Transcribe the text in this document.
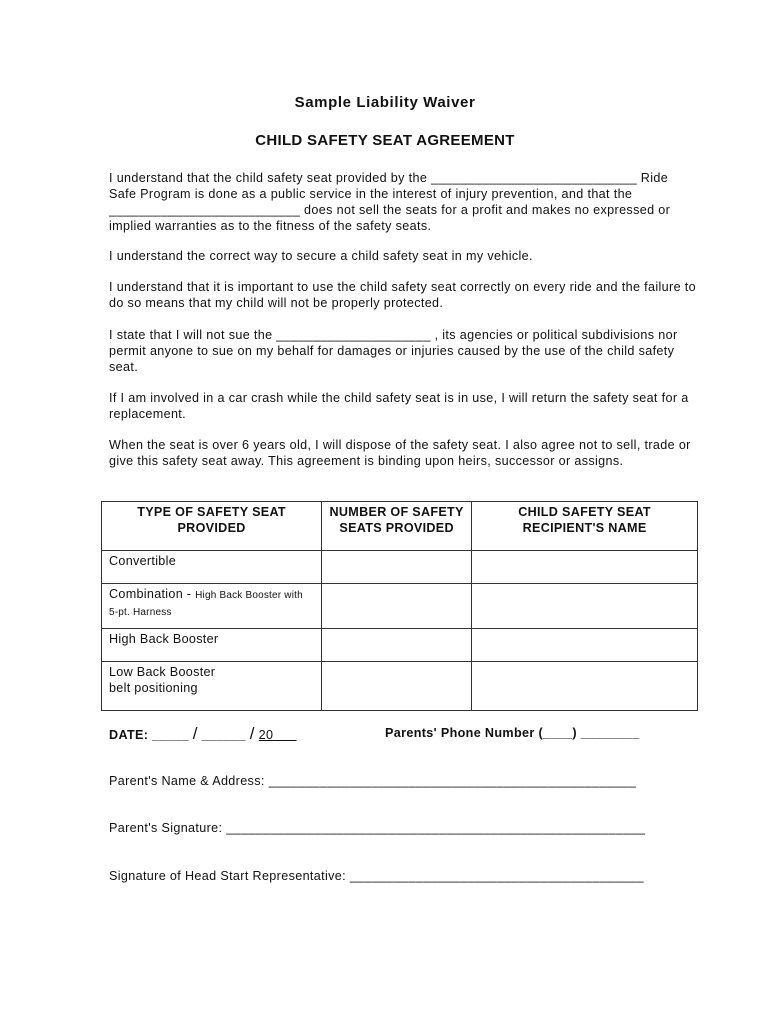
Sample Liability Waiver
CHILD SAFETY SEAT AGREEMENT

I understand that the child safety seat provided by the ____________________________ Ride Safe Program is done as a public service in the interest of injury prevention, and that the __________________________ does not sell the seats for a profit and makes no expressed or implied warranties as to the fitness of the safety seats.

I understand the correct way to secure a child safety seat in my vehicle.

I understand that it is important to use the child safety seat correctly on every ride and the failure to do so means that my child will not be properly protected.

I state that I will not sue the _____________________ , its agencies or political subdivisions nor permit anyone to sue on my behalf for damages or injuries caused by the use of the child safety seat.

If I am involved in a car crash while the child safety seat is in use, I will return the safety seat for a replacement.

When the seat is over 6 years old, I will dispose of the safety seat. I also agree not to sell, trade or give this safety seat away. This agreement is binding upon heirs, successor or assigns.

TYPE OF SAFETY SEAT PROVIDED	NUMBER OF SAFETY SEATS PROVIDED	CHILD SAFETY SEAT RECIPIENT'S NAME
Convertible		
Combination - High Back Booster with 5-pt. Harness		
High Back Booster		
Low Back Booster
belt positioning		
DATE: _____ / ______ / 20	Parents' Phone Number (____) ________
Parent's Name & Address: __________________________________________________
Parent's Signature: _________________________________________________________
Signature of Head Start Representative: ________________________________________
